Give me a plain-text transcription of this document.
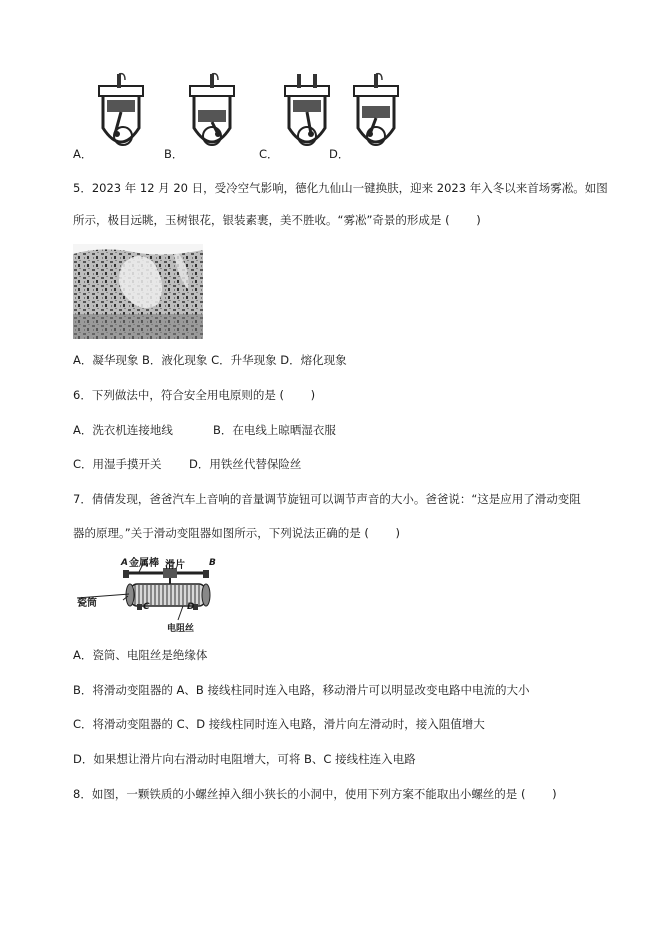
A．	B．	C．	D．
5．2023 年 12 月 20 日，受冷空气影响，德化九仙山一键换肤，迎来 2023 年入冬以来首场雾凇。如图
所示，极目远眺，玉树银花，银装素裹，美不胜收。“雾凇”奇景的形成是 (　　 )
A．凝华现象 B．液化现象 C．升华现象 D．熔化现象
6．下列做法中，符合安全用电原则的是 (　　 )
A．洗衣机连接地线	B．在电线上晾晒湿衣服
C．用湿手摸开关 D．用铁丝代替保险丝
7．倩倩发现，爸爸汽车上音响的音量调节旋钮可以调节声音的大小。爸爸说：“这是应用了滑动变阻
器的原理。”关于滑动变阻器如图所示，下列说法正确的是 (　　 )
金属棒 滑片
A	B
C	D
瓷筒
电阻丝
A．瓷筒、电阻丝是绝缘体
B．将滑动变阻器的 A、B 接线柱同时连入电路，移动滑片可以明显改变电路中电流的大小
C．将滑动变阻器的 C、D 接线柱同时连入电路，滑片向左滑动时，接入阻值增大
D．如果想让滑片向右滑动时电阻增大，可将 B、C 接线柱连入电路
8．如图，一颗铁质的小螺丝掉入细小狭长的小洞中，使用下列方案不能取出小螺丝的是 (　　 )
